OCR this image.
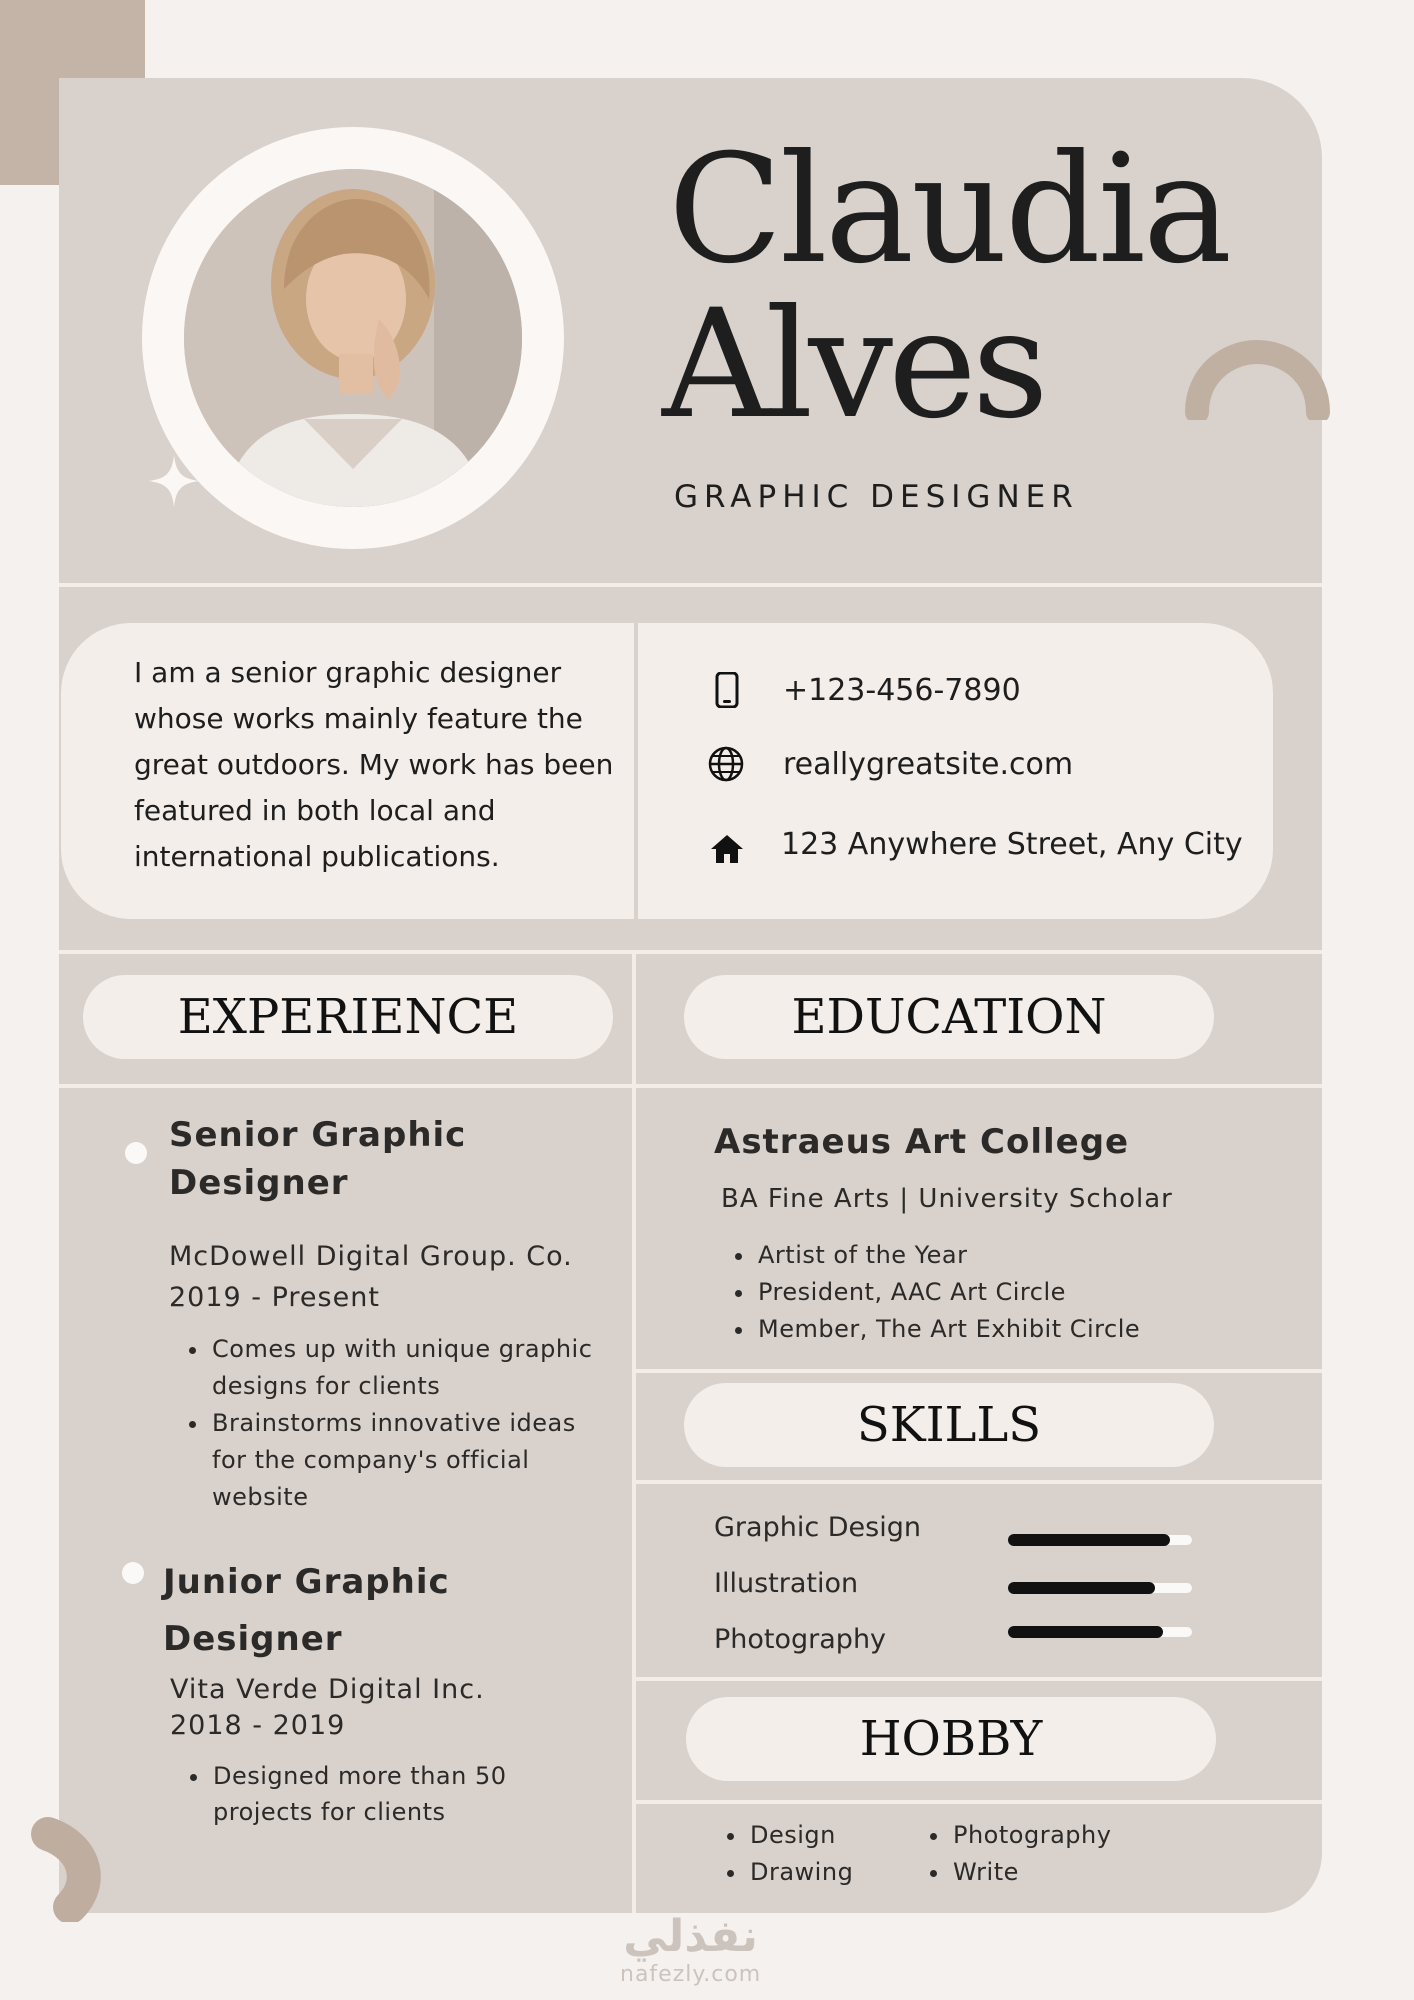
Claudia
Alves
GRAPHIC DESIGNER
I am a senior graphic designer whose works mainly feature the great outdoors. My work has been featured in both local and international publications.
+123-456-7890
reallygreatsite.com
123 Anywhere Street, Any City
EXPERIENCE	EDUCATION
SKILLS
HOBBY
Senior Graphic
Designer
McDowell Digital Group. Co.
2019 - Present
• Comes up with unique graphic designs for clients
• Brainstorms innovative ideas for the company's official website
Junior Graphic
Designer
Vita Verde Digital Inc.
2018 - 2019
• Designed more than 50 projects for clients
Astraeus Art College
BA Fine Arts | University Scholar
• Artist of the Year
• President, AAC Art Circle
• Member, The Art Exhibit Circle
Graphic Design
Illustration
Photography
• Design
• Drawing
• Photography
• Write
نفذلي
nafezly.com
